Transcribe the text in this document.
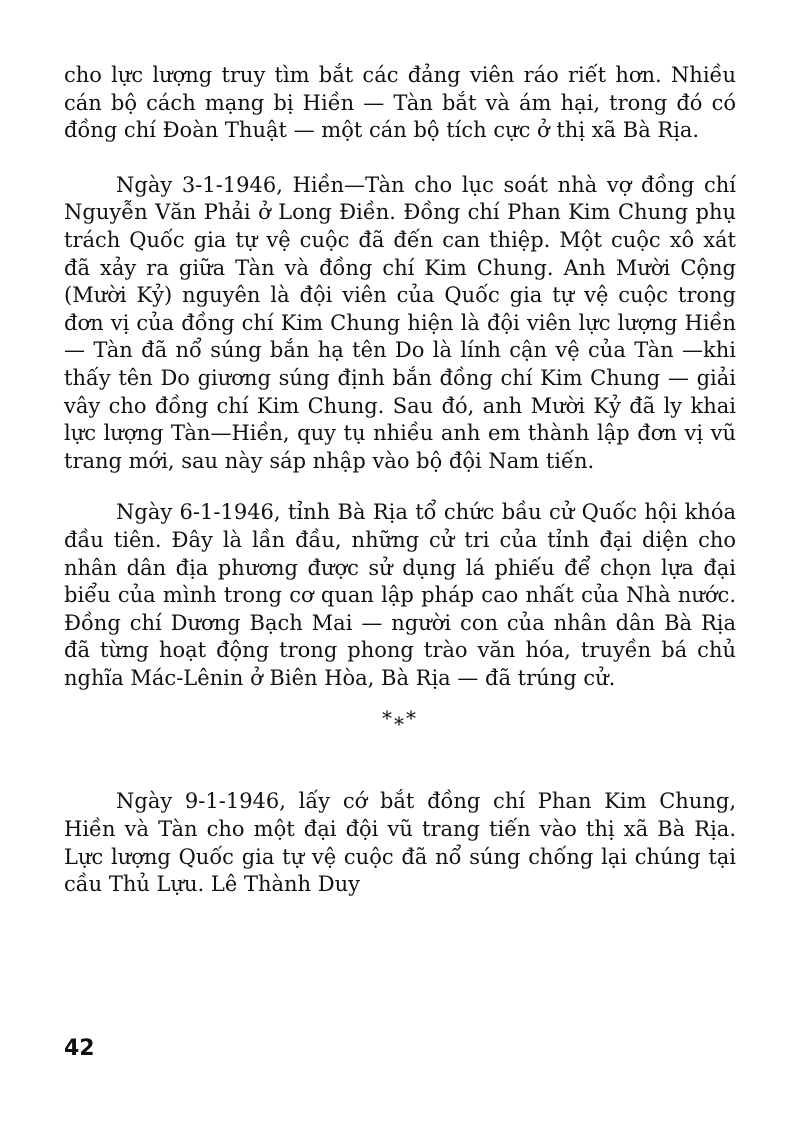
cho lực lượng truy tìm bắt các đảng viên ráo riết hơn. Nhiều cán bộ cách mạng bị Hiền — Tàn bắt và ám hại, trong đó có đồng chí Đoàn Thuật — một cán bộ tích cực ở thị xã Bà Rịa.

Ngày 3-1-1946, Hiền—Tàn cho lục soát nhà vợ đồng chí Nguyễn Văn Phải ở Long Điền. Đồng chí Phan Kim Chung phụ trách Quốc gia tự vệ cuộc đã đến can thiệp. Một cuộc xô xát đã xảy ra giữa Tàn và đồng chí Kim Chung. Anh Mười Cộng (Mười Kỷ) nguyên là đội viên của Quốc gia tự vệ cuộc trong đơn vị của đồng chí Kim Chung hiện là đội viên lực lượng Hiền— Tàn đã nổ súng bắn hạ tên Do là lính cận vệ của Tàn —khi thấy tên Do giương súng định bắn đồng chí Kim Chung — giải vây cho đồng chí Kim Chung. Sau đó, anh Mười Kỷ đã ly khai lực lượng Tàn—Hiền, quy tụ nhiều anh em thành lập đơn vị vũ trang mới, sau này sáp nhập vào bộ đội Nam tiến.

Ngày 6-1-1946, tỉnh Bà Rịa tổ chức bầu cử Quốc hội khóa đầu tiên. Đây là lần đầu, những cử tri của tỉnh đại diện cho nhân dân địa phương được sử dụng lá phiếu để chọn lựa đại biểu của mình trong cơ quan lập pháp cao nhất của Nhà nước. Đồng chí Dương Bạch Mai — người con của nhân dân Bà Rịa đã từng hoạt động trong phong trào văn hóa, truyền bá chủ nghĩa Mác-Lênin ở Biên Hòa, Bà Rịa — đã trúng cử.

*⁎*

Ngày 9-1-1946, lấy cớ bắt đồng chí Phan Kim Chung, Hiền và Tàn cho một đại đội vũ trang tiến vào thị xã Bà Rịa. Lực lượng Quốc gia tự vệ cuộc đã nổ súng chống lại chúng tại cầu Thủ Lựu. Lê Thành Duy

42
